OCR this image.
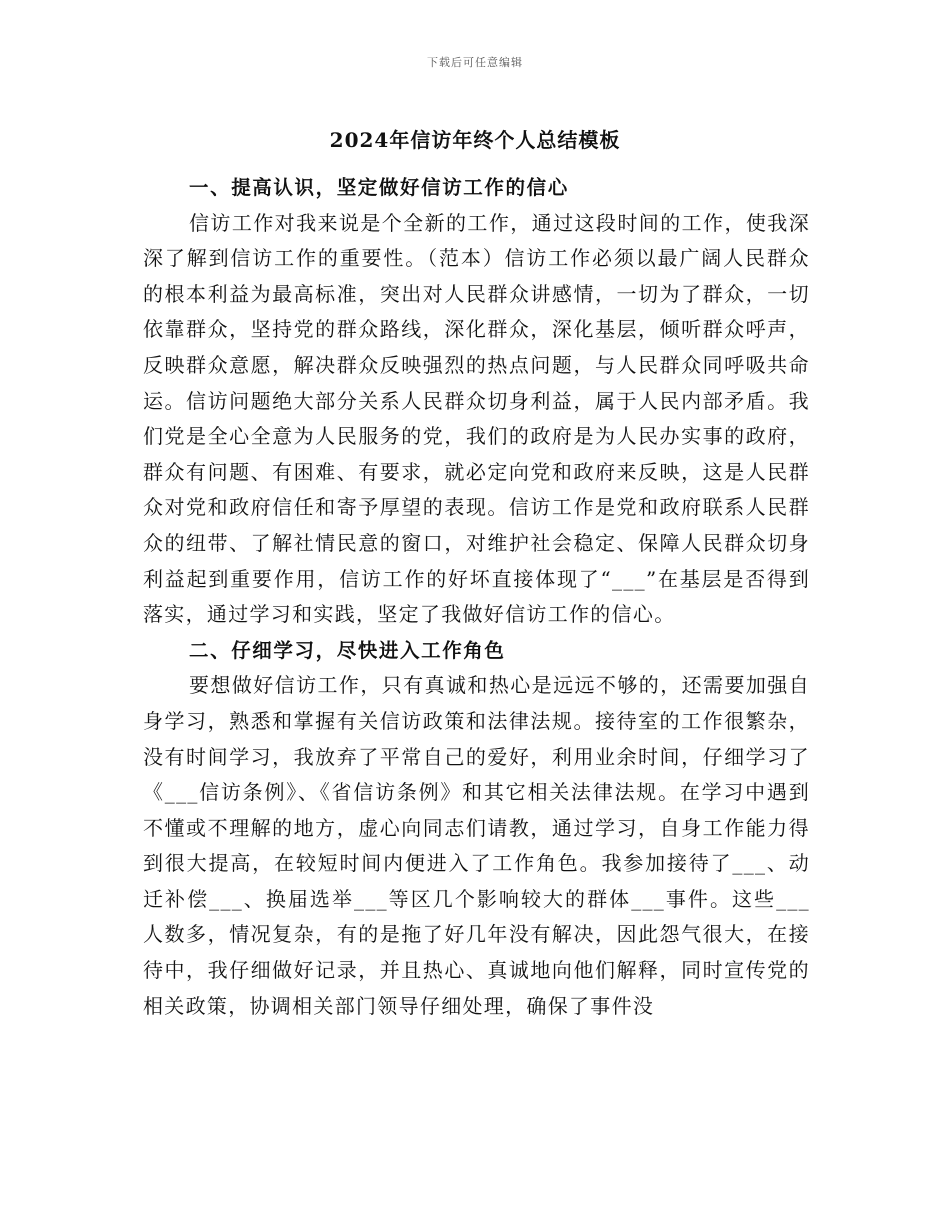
下载后可任意编辑
2024年信访年终个人总结模板

一、提高认识，坚定做好信访工作的信心

信访工作对我来说是个全新的工作，通过这段时间的工作，使我深深了解到信访工作的重要性。（范本）信访工作必须以最广阔人民群众的根本利益为最高标准，突出对人民群众讲感情，一切为了群众，一切依靠群众，坚持党的群众路线，深化群众，深化基层，倾听群众呼声，反映群众意愿，解决群众反映强烈的热点问题，与人民群众同呼吸共命运。信访问题绝大部分关系人民群众切身利益，属于人民内部矛盾。我们党是全心全意为人民服务的党，我们的政府是为人民办实事的政府，群众有问题、有困难、有要求，就必定向党和政府来反映，这是人民群众对党和政府信任和寄予厚望的表现。信访工作是党和政府联系人民群众的纽带、了解社情民意的窗口，对维护社会稳定、保障人民群众切身利益起到重要作用，信访工作的好坏直接体现了“___”在基层是否得到落实，通过学习和实践，坚定了我做好信访工作的信心。

二、仔细学习，尽快进入工作角色

要想做好信访工作，只有真诚和热心是远远不够的，还需要加强自身学习，熟悉和掌握有关信访政策和法律法规。接待室的工作很繁杂，没有时间学习，我放弃了平常自己的爱好，利用业余时间，仔细学习了《___信访条例》、《省信访条例》和其它相关法律法规。在学习中遇到不懂或不理解的地方，虚心向同志们请教，通过学习，自身工作能力得到很大提高，在较短时间内便进入了工作角色。我参加接待了___、动迁补偿___、换届选举___等区几个影响较大的群体___事件。这些___人数多，情况复杂，有的是拖了好几年没有解决，因此怨气很大，在接待中，我仔细做好记录，并且热心、真诚地向他们解释，同时宣传党的相关政策，协调相关部门领导仔细处理，确保了事件没
